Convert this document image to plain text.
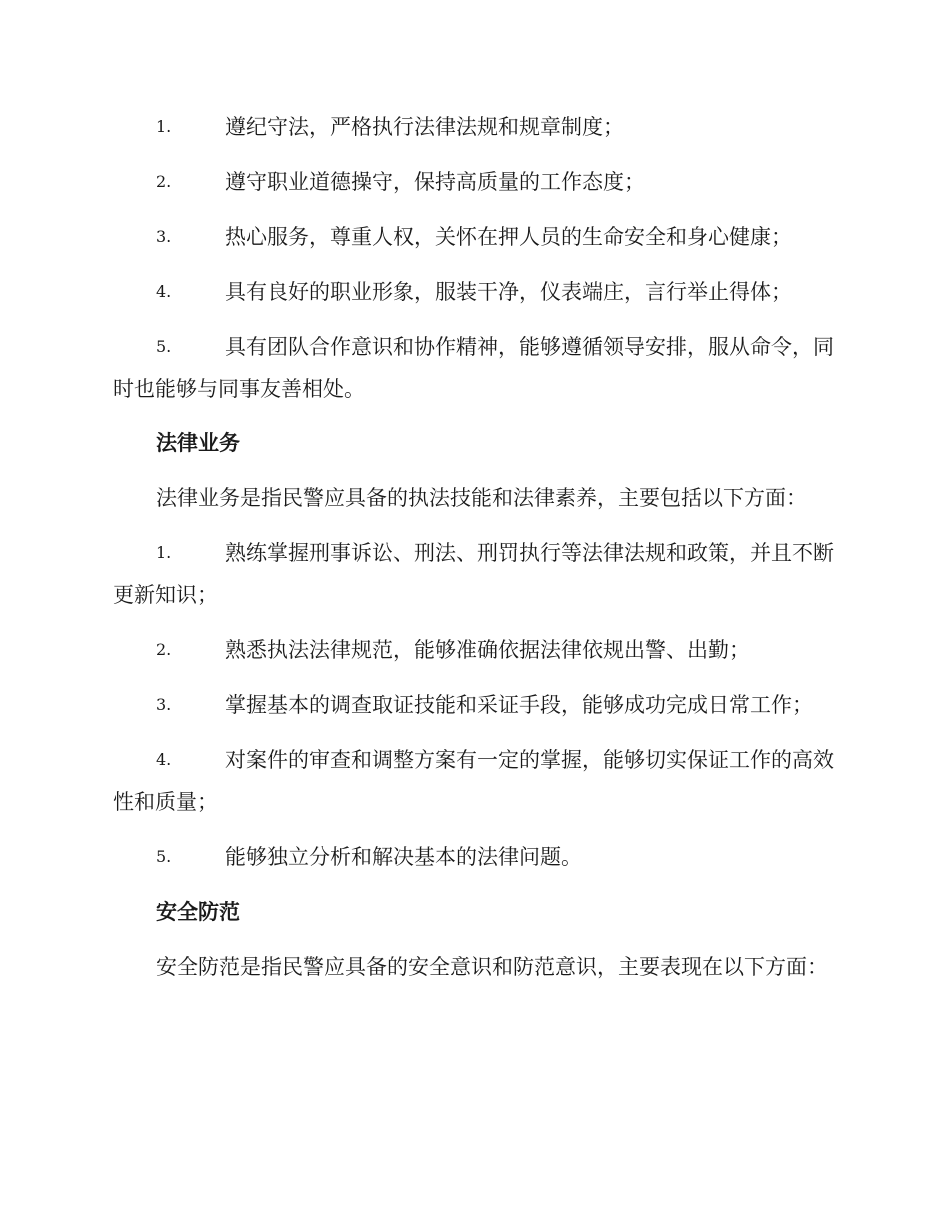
1.	遵纪守法，严格执行法律法规和规章制度；
2.	遵守职业道德操守，保持高质量的工作态度；
3.	热心服务，尊重人权，关怀在押人员的生命安全和身心健康；
4.	具有良好的职业形象，服装干净，仪表端庄，言行举止得体；
5.	具有团队合作意识和协作精神，能够遵循领导安排，服从命令，同时也能够与同事友善相处。
法律业务
法律业务是指民警应具备的执法技能和法律素养，主要包括以下方面：
1.	熟练掌握刑事诉讼、刑法、刑罚执行等法律法规和政策，并且不断更新知识；
2.	熟悉执法法律规范，能够准确依据法律依规出警、出勤；
3.	掌握基本的调查取证技能和采证手段，能够成功完成日常工作；
4.	对案件的审查和调整方案有一定的掌握，能够切实保证工作的高效性和质量；
5.	能够独立分析和解决基本的法律问题。
安全防范
安全防范是指民警应具备的安全意识和防范意识，主要表现在以下方面：
